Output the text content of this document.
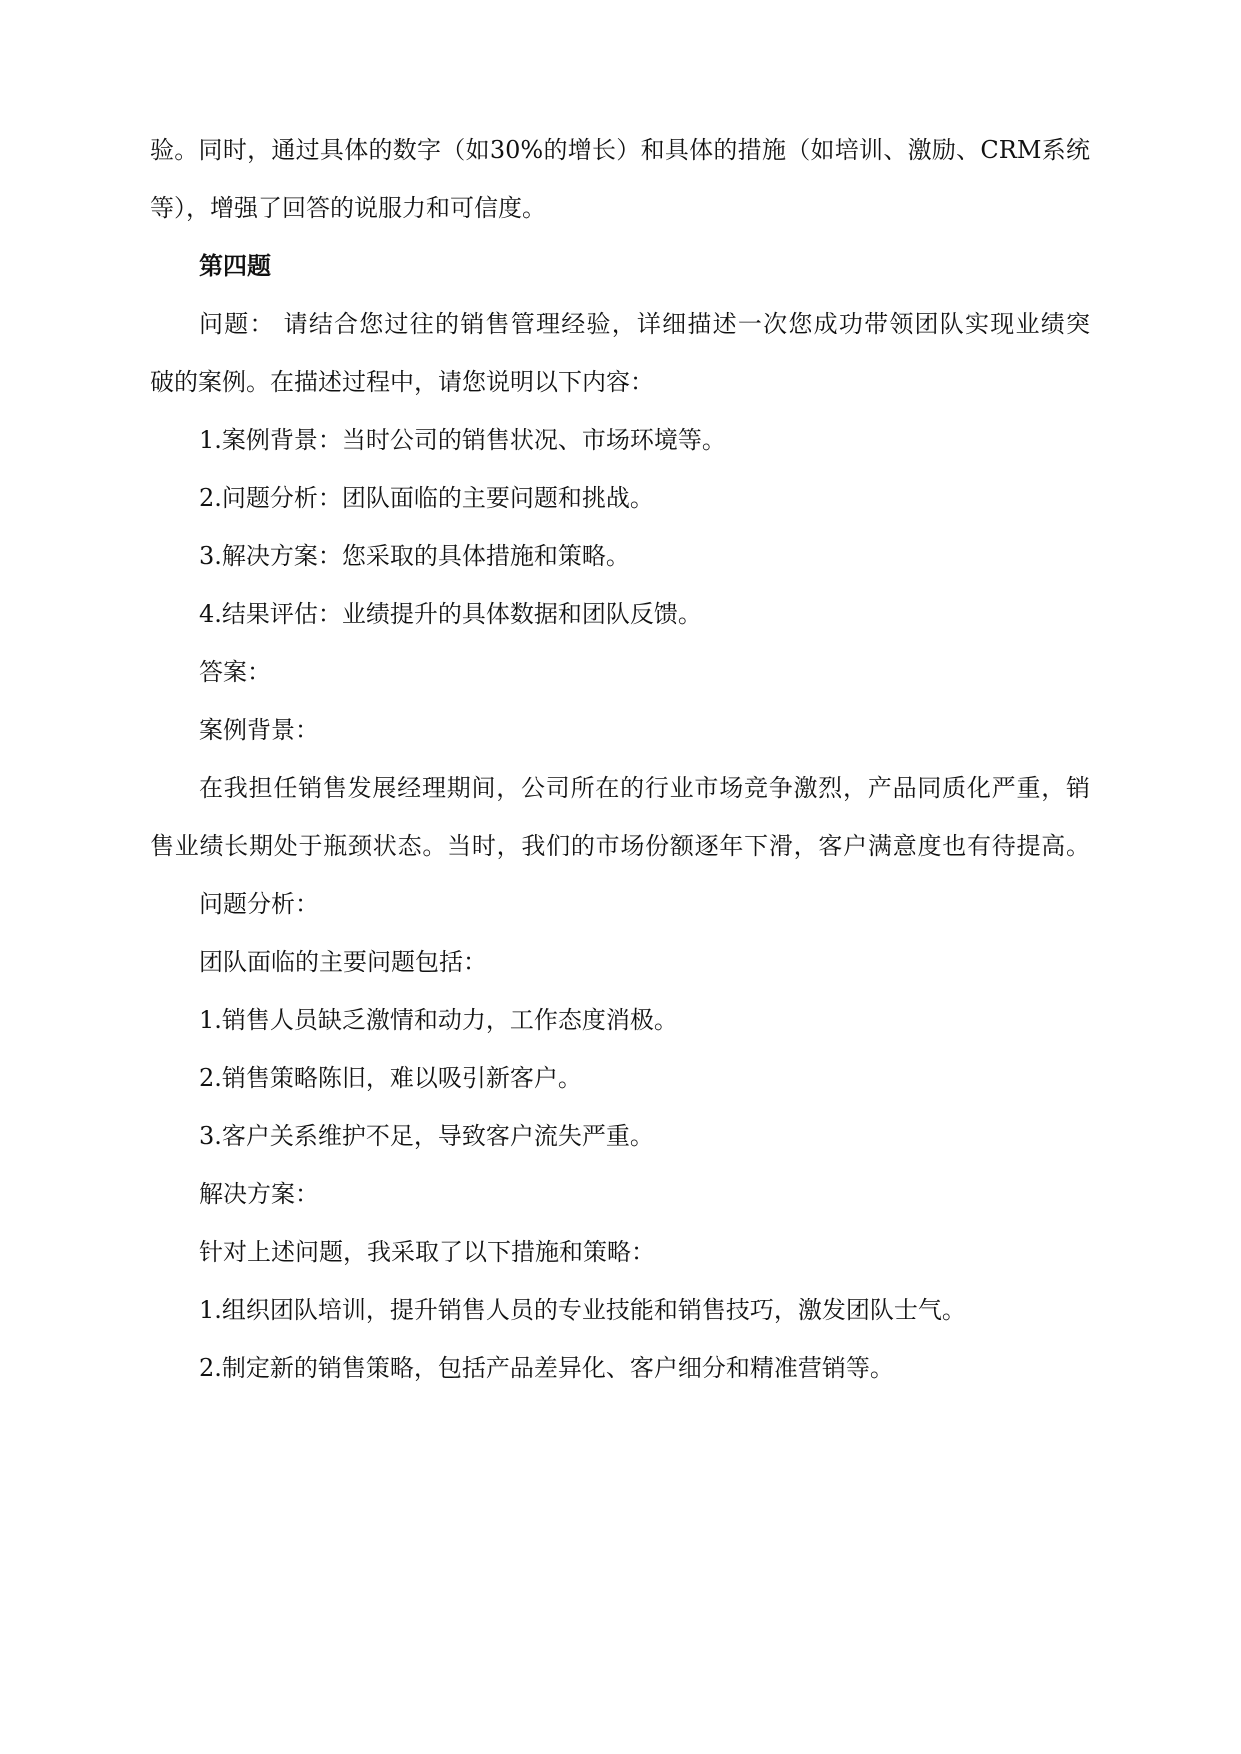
验。同时，通过具体的数字（如30%的增长）和具体的措施（如培训、激励、CRM系统
等），增强了回答的说服力和可信度。
第四题
问题： 请结合您过往的销售管理经验，详细描述一次您成功带领团队实现业绩突
破的案例。在描述过程中，请您说明以下内容：
1.案例背景：当时公司的销售状况、市场环境等。
2.问题分析：团队面临的主要问题和挑战。
3.解决方案：您采取的具体措施和策略。
4.结果评估：业绩提升的具体数据和团队反馈。
答案：
案例背景：
在我担任销售发展经理期间，公司所在的行业市场竞争激烈，产品同质化严重，销
售业绩长期处于瓶颈状态。当时，我们的市场份额逐年下滑，客户满意度也有待提高。
问题分析：
团队面临的主要问题包括：
1.销售人员缺乏激情和动力，工作态度消极。
2.销售策略陈旧，难以吸引新客户。
3.客户关系维护不足，导致客户流失严重。
解决方案：
针对上述问题，我采取了以下措施和策略：
1.组织团队培训，提升销售人员的专业技能和销售技巧，激发团队士气。
2.制定新的销售策略，包括产品差异化、客户细分和精准营销等。
